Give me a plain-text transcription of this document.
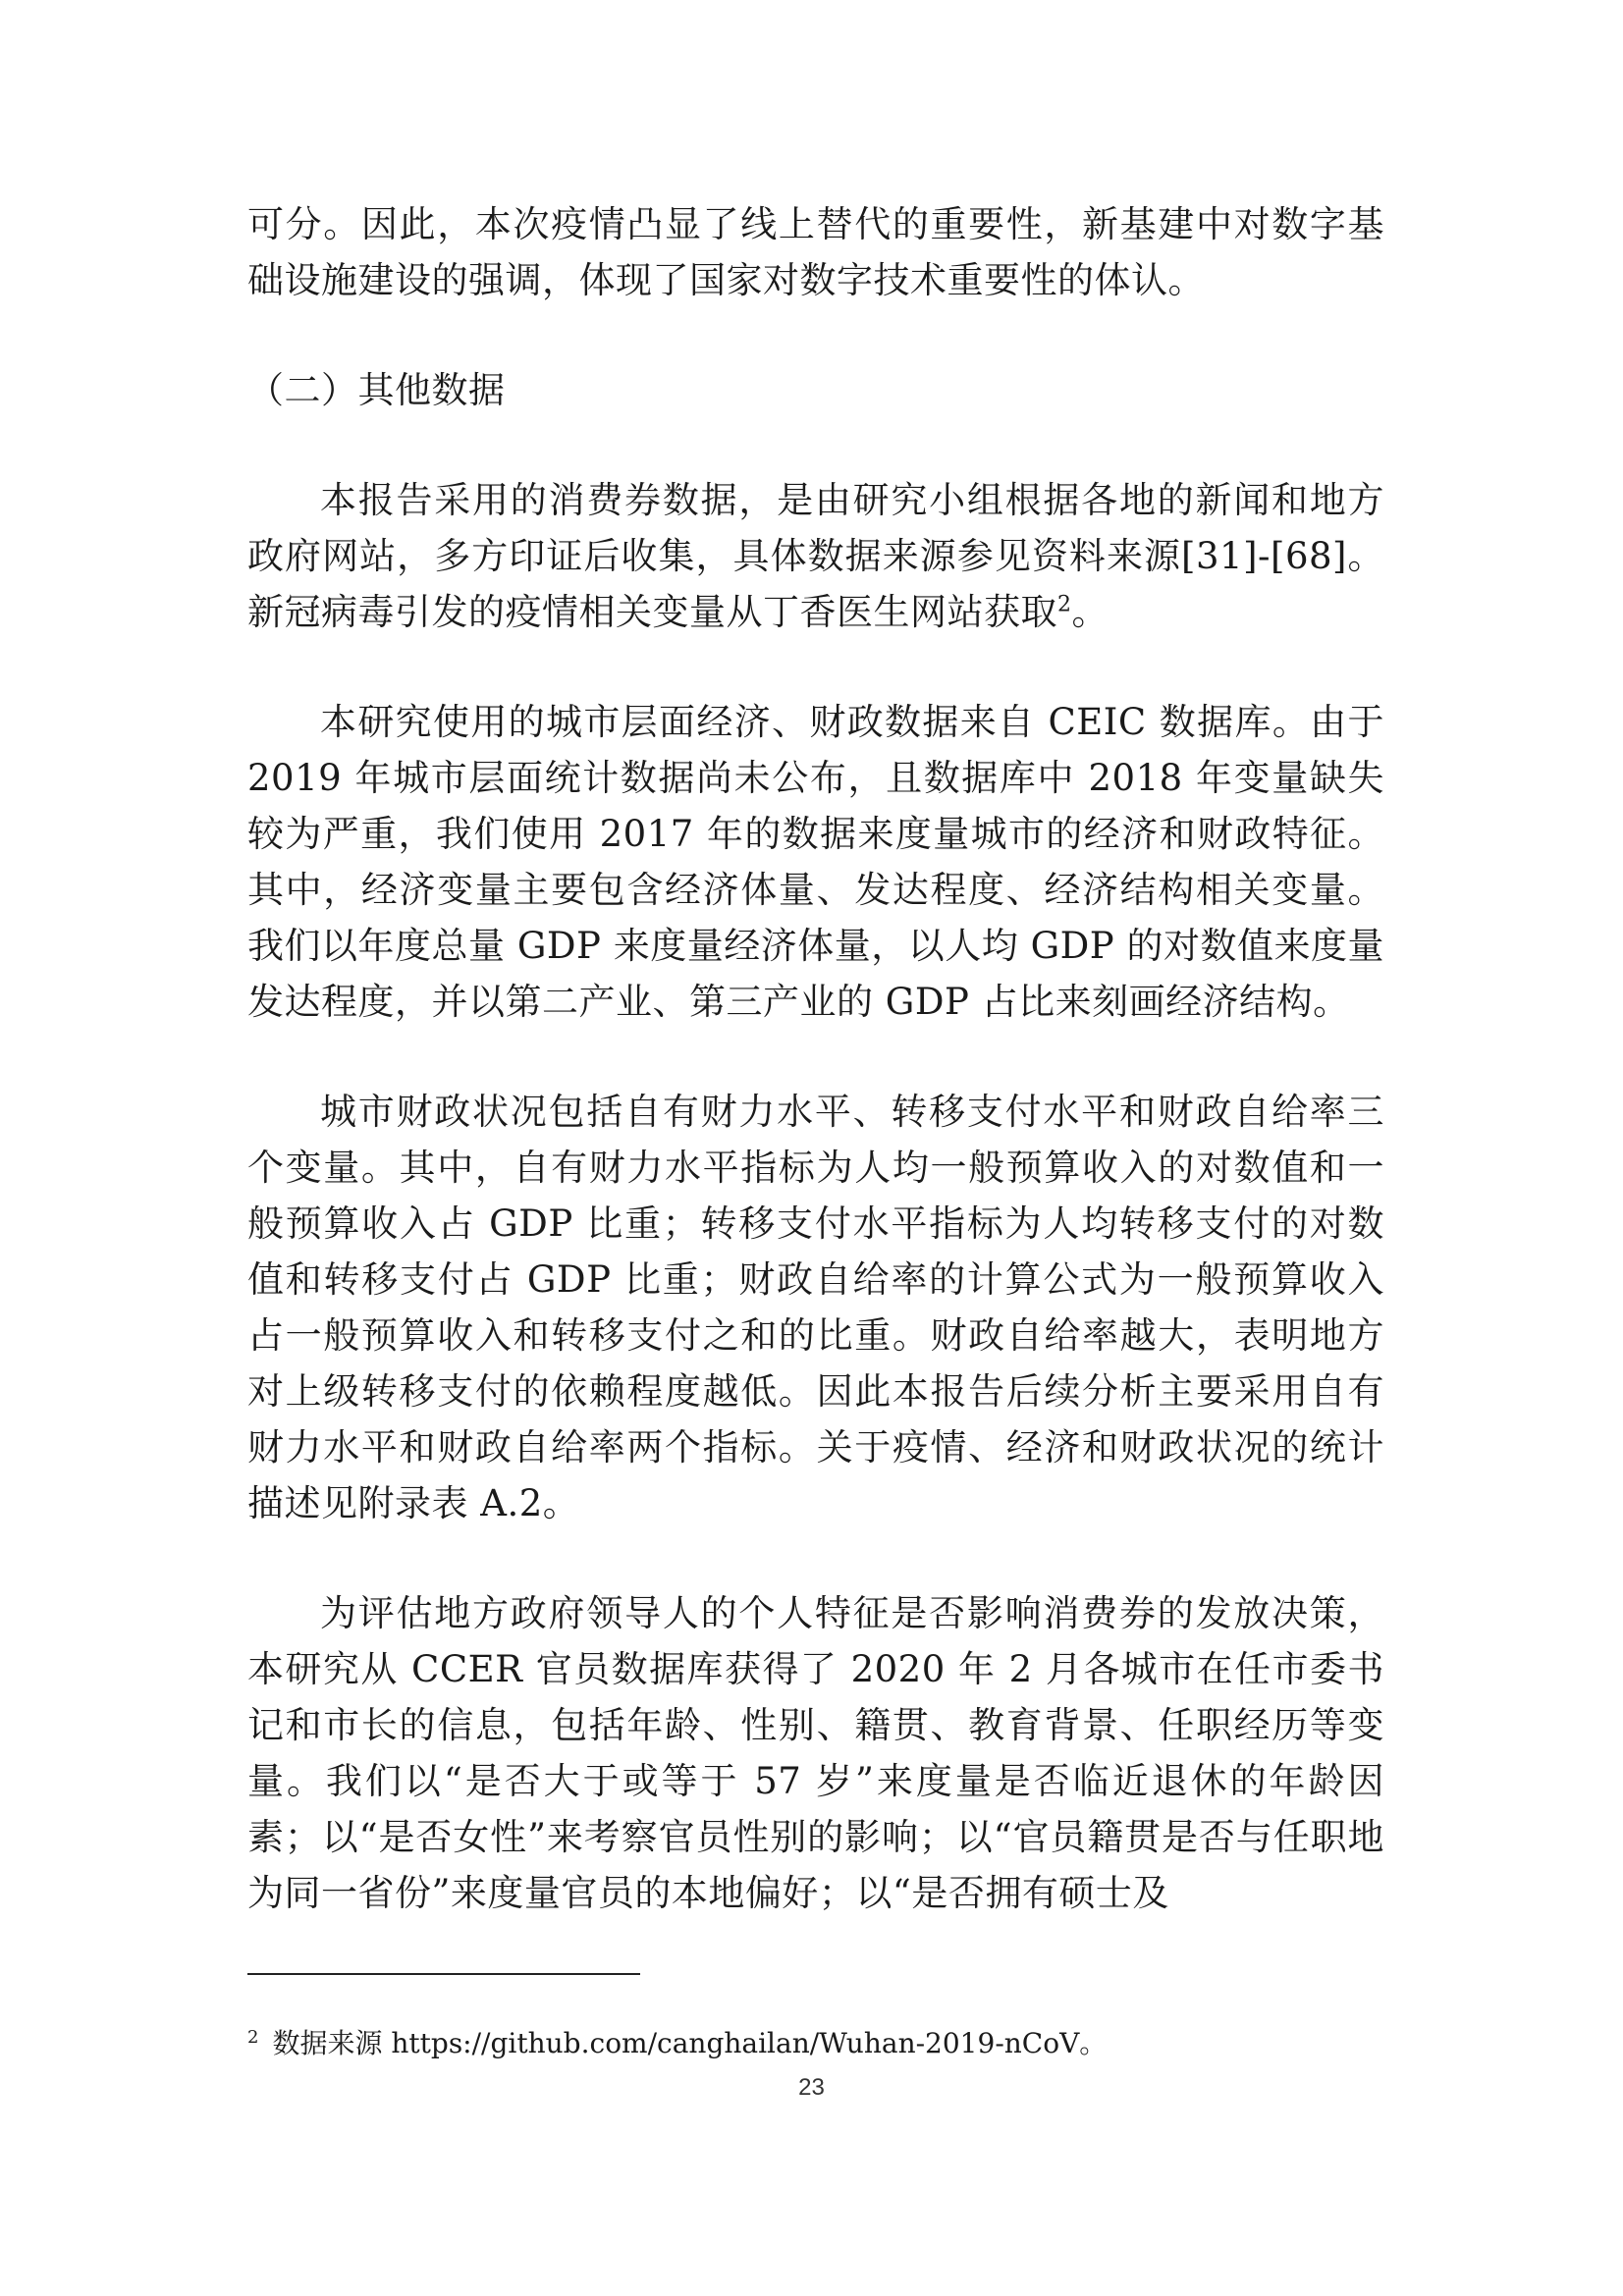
可分。因此，本次疫情凸显了线上替代的重要性，新基建中对数字基础设施建设的强调，体现了国家对数字技术重要性的体认。

（二）其他数据

本报告采用的消费券数据，是由研究小组根据各地的新闻和地方政府网站，多方印证后收集，具体数据来源参见资料来源[31]-[68]。新冠病毒引发的疫情相关变量从丁香医生网站获取$^2$。

本研究使用的城市层面经济、财政数据来自 CEIC 数据库。由于 2019 年城市层面统计数据尚未公布，且数据库中 2018 年变量缺失较为严重，我们使用 2017 年的数据来度量城市的经济和财政特征。其中，经济变量主要包含经济体量、发达程度、经济结构相关变量。我们以年度总量 GDP 来度量经济体量，以人均 GDP 的对数值来度量发达程度，并以第二产业、第三产业的 GDP 占比来刻画经济结构。

城市财政状况包括自有财力水平、转移支付水平和财政自给率三个变量。其中，自有财力水平指标为人均一般预算收入的对数值和一般预算收入占 GDP 比重；转移支付水平指标为人均转移支付的对数值和转移支付占 GDP 比重；财政自给率的计算公式为一般预算收入占一般预算收入和转移支付之和的比重。财政自给率越大，表明地方对上级转移支付的依赖程度越低。因此本报告后续分析主要采用自有财力水平和财政自给率两个指标。关于疫情、经济和财政状况的统计描述见附录表 A.2。

为评估地方政府领导人的个人特征是否影响消费券的发放决策，本研究从 CCER 官员数据库获得了 2020 年 2 月各城市在任市委书记和市长的信息，包括年龄、性别、籍贯、教育背景、任职经历等变量。我们以“是否大于或等于 57 岁”来度量是否临近退休的年龄因素；以“是否女性”来考察官员性别的影响；以“官员籍贯是否与任职地为同一省份”来度量官员的本地偏好；以“是否拥有硕士及

$^2$ 数据来源 https://github.com/canghailan/Wuhan-2019-nCoV。
23
